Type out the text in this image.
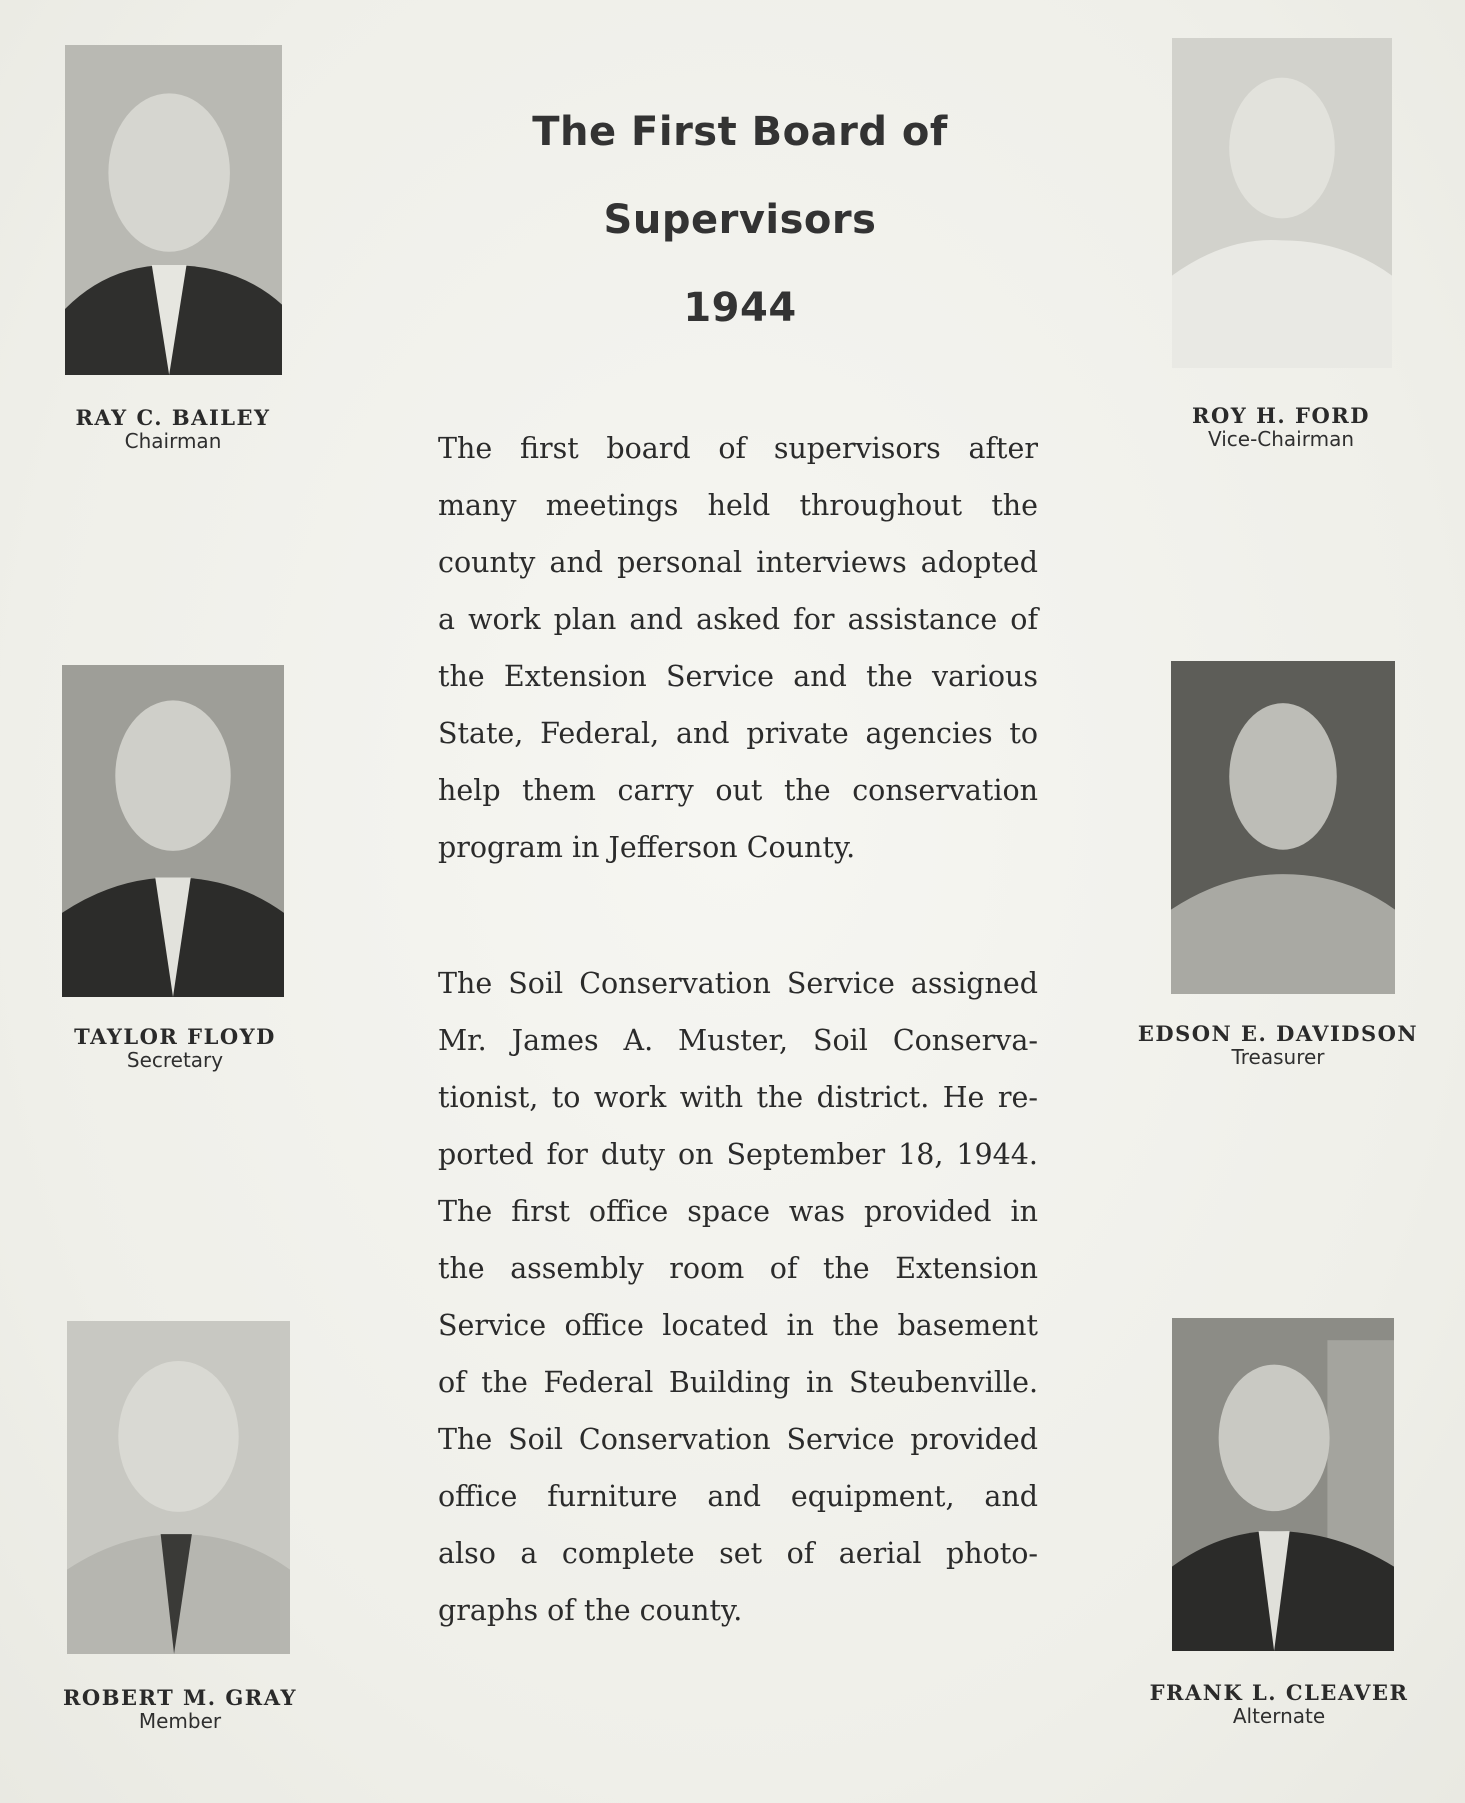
The First Board of
Supervisors
1944
RAY C. BAILEY
Chairman
ROY H. FORD
Vice-Chairman
TAYLOR FLOYD
Secretary
EDSON E. DAVIDSON
Treasurer
ROBERT M. GRAY
Member
FRANK L. CLEAVER
Alternate
The first board of supervisors after
many meetings held throughout the
county and personal interviews adopted
a work plan and asked for assistance of
the Extension Service and the various
State, Federal, and private agencies to
help them carry out the conservation
program in Jefferson County.
The Soil Conservation Service assigned
Mr. James A. Muster, Soil Conserva-
tionist, to work with the district. He re-
ported for duty on September 18, 1944.
The first office space was provided in
the assembly room of the Extension
Service office located in the basement
of the Federal Building in Steubenville.
The Soil Conservation Service provided
office furniture and equipment, and
also a complete set of aerial photo-
graphs of the county.
